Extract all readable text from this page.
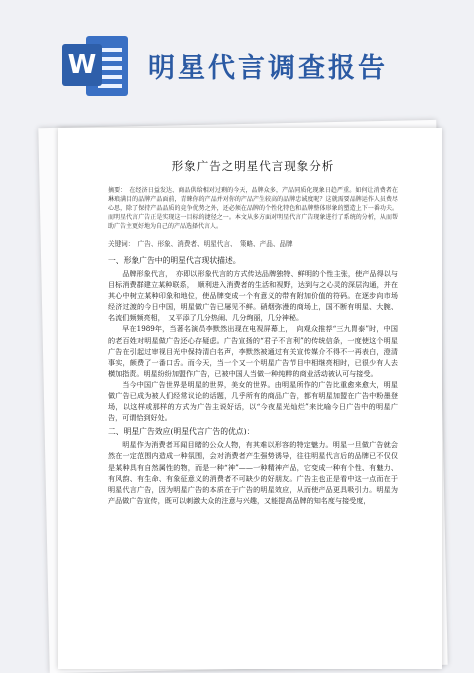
W 明星代言调查报告
形象广告之明星代言现象分析

摘要：　在经济日益发达、商品供给相对过剩的今天，品牌众多，产品同质化现象日趋严重。如何让消费者在琳琅满目的品牌产品面前，青睐你的产品并对你的产品产生较高的品牌忠诚度呢？这就需要品牌运作人员费尽心思，除了保持产品品质的竞争优势之外，还必须在品牌的个性化特色和品牌整体形象的塑造上下一番功夫。而明星代言广告正是实现这一目标的捷径之一。本文从多方面对明星代言广告现象进行了系统的分析，从而帮助广告主更好地为自己的产品选择代言人。

关键词：　广告、形象、消费者、明星代言、　策略、产品、品牌

一、形象广告中的明星代言现状描述。

品牌形象代言，　亦即以形象代言的方式传达品牌独特、鲜明的个性主张，使产品得以与目标消费群建立某种联系，　顺利进入消费者的生活和视野，达到与之心灵的深层沟通，并在其心中树立某种印象和地位，使品牌变成一个有意义的带有附加价值的符码。在逐步向市场经济过渡的今日中国，明星做广告已屡见不鲜。硝烟弥漫的商场上，国不断有明星、大腕、名流们频频亮相，　又平添了几分热闹、几分绚丽，几分神秘。

早在1989年，当著名演员李默然出现在电视屏幕上，　向观众推荐“三九胃泰”时，中国的老百姓对明星做广告还心存疑虑。广告宣扬的“君子不言利”的传统信条，一度使这个明星广告在引起过审视目光中保持清白名声，李默然被通过有关宣传媒介不得不一再表白，澄清事实，颇费了一番口舌。而今天，当一个又一个明星广告节目中相继亮相时，已很少有人去横加指责。明星纷纷加盟作广告，已被中国人当做一种纯粹的商业活动被认可与接受。

当今中国广告世界是明星的世界，美女的世界。由明星所作的广告比重愈来愈大，明星做广告已成为被人们经常议论的话题，几乎所有的商品广告，都有明星加盟在广告中粉墨登场，以这样或那样的方式为广告主说好话，以“今夜星光灿烂”来比喻今日广告中的明星广告，可谓恰到好处。

二、明星广告效应(明星代言广告的优点)：

明星作为消费者耳闻目睹的公众人物，有其难以形容的特定魅力。明星一旦做广告就会然在一定范围内造成一种氛围，会对消费者产生强势诱导，往往明星代言后的品牌已不仅仅是某种具有自然属性的物，而是一种“神”——一种精神产品，它变成一种有个性、有魅力、有风韵、有生命、有象征意义的消费者不可缺少的好朋友。广告主也正是看中这一点而在于明星代言广告，因为明星广告的本质在于广告的明星效应，从而使产品更具吸引力。明星为产品做广告宣传，既可以刺激大众的注意与兴趣，又能提高品牌的知名度与接受度，
